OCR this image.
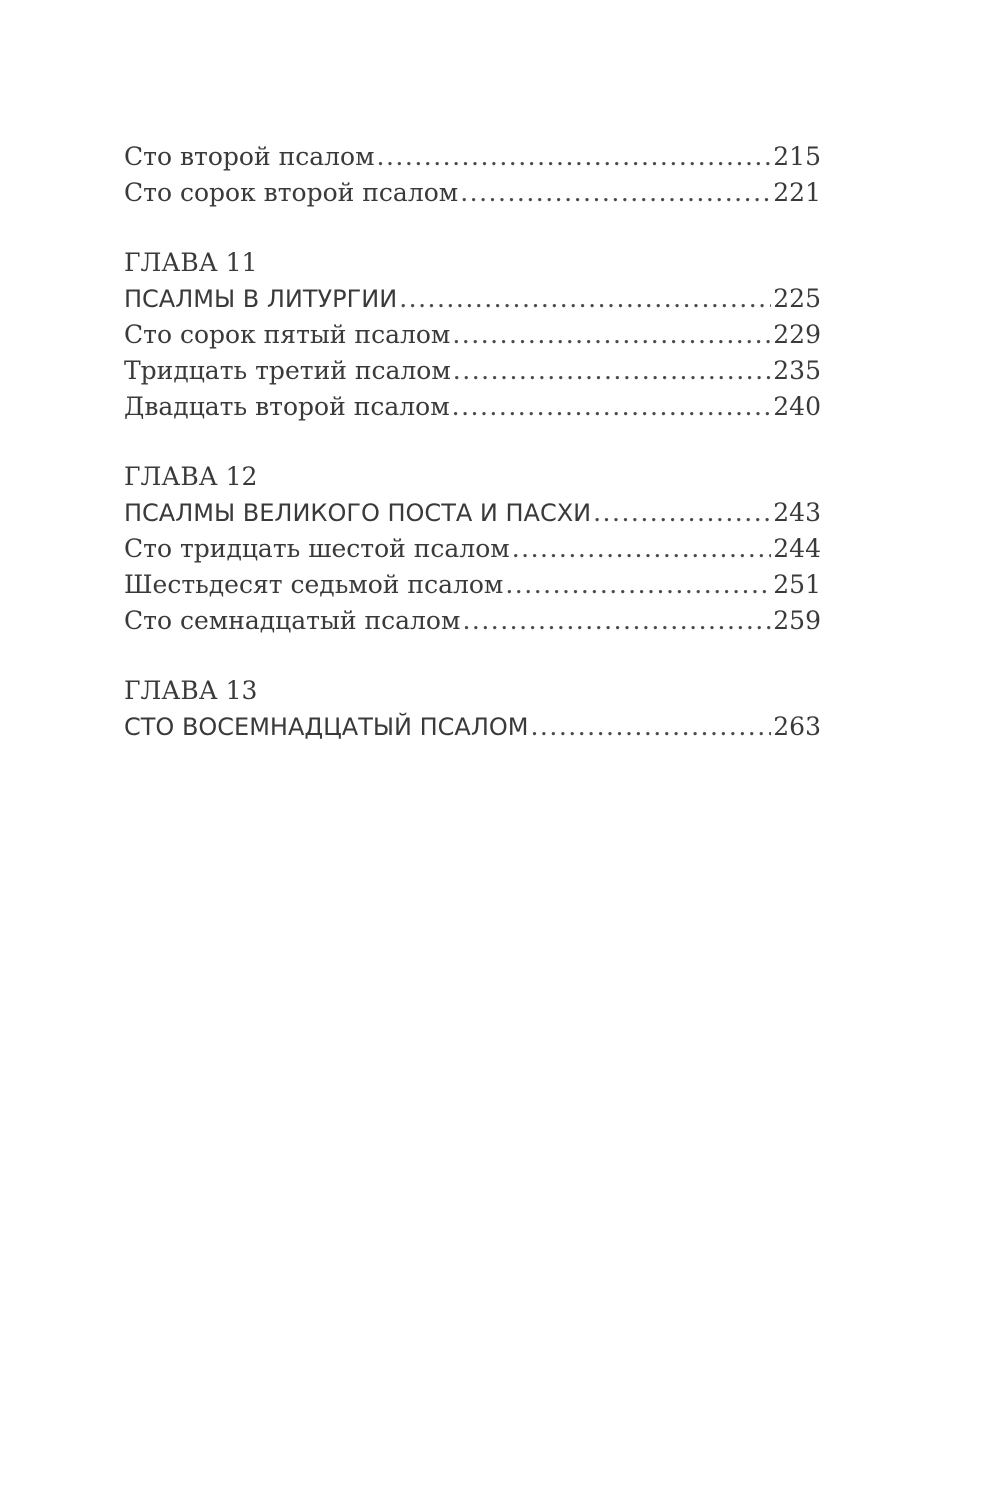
Сто второй псалом .....	215
Сто сорок второй псалом .....	221
ГЛАВА 11
ПСАЛМЫ В ЛИТУРГИИ .....	225
Сто сорок пятый псалом .....	229
Тридцать третий псалом .....	235
Двадцать второй псалом .....	240
ГЛАВА 12
ПСАЛМЫ ВЕЛИКОГО ПОСТА И ПАСХИ .....	243
Сто тридцать шестой псалом .....	244
Шестьдесят седьмой псалом .....	251
Сто семнадцатый псалом .....	259
ГЛАВА 13
СТО ВОСЕМНАДЦАТЫЙ ПСАЛОМ .....	263
